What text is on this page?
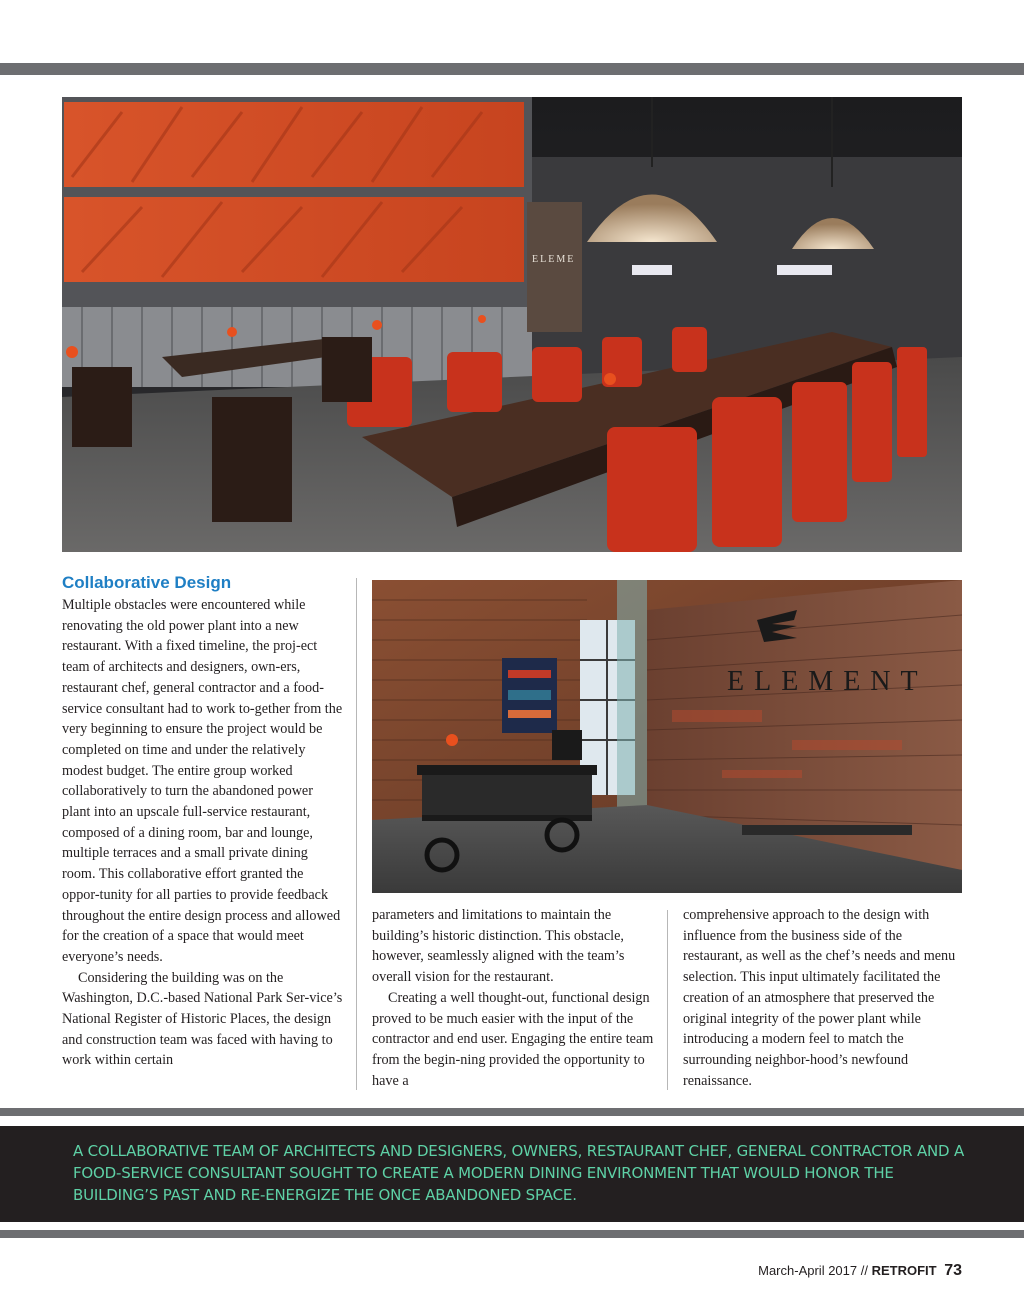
ELEME
ELEMENT
Collaborative Design

Multiple obstacles were encountered while renovating the old power plant into a new restaurant. With a fixed timeline, the proj-ect team of architects and designers, own-ers, restaurant chef, general contractor and a food-service consultant had to work to-gether from the very beginning to ensure the project would be completed on time and under the relatively modest budget. The entire group worked collaboratively to turn the abandoned power plant into an upscale full-service restaurant, composed of a dining room, bar and lounge, multiple terraces and a small private dining room. This collaborative effort granted the oppor-tunity for all parties to provide feedback throughout the entire design process and allowed for the creation of a space that would meet everyone’s needs.

Considering the building was on the Washington, D.C.-based National Park Ser-vice’s National Register of Historic Places, the design and construction team was faced with having to work within certain

parameters and limitations to maintain the building’s historic distinction. This obstacle, however, seamlessly aligned with the team’s overall vision for the restaurant.

Creating a well thought-out, functional design proved to be much easier with the input of the contractor and end user. Engaging the entire team from the begin-ning provided the opportunity to have a

comprehensive approach to the design with influence from the business side of the restaurant, as well as the chef’s needs and menu selection. This input ultimately facilitated the creation of an atmosphere that preserved the original integrity of the power plant while introducing a modern feel to match the surrounding neighbor-hood’s newfound renaissance.

A COLLABORATIVE TEAM OF ARCHITECTS AND DESIGNERS, OWNERS, RESTAURANT CHEF, GENERAL CONTRACTOR AND A FOOD-SERVICE CONSULTANT SOUGHT TO CREATE A MODERN DINING ENVIRONMENT THAT WOULD HONOR THE BUILDING’S PAST AND RE-ENERGIZE THE ONCE ABANDONED SPACE.
March-April 2017 // RETROFIT 73
